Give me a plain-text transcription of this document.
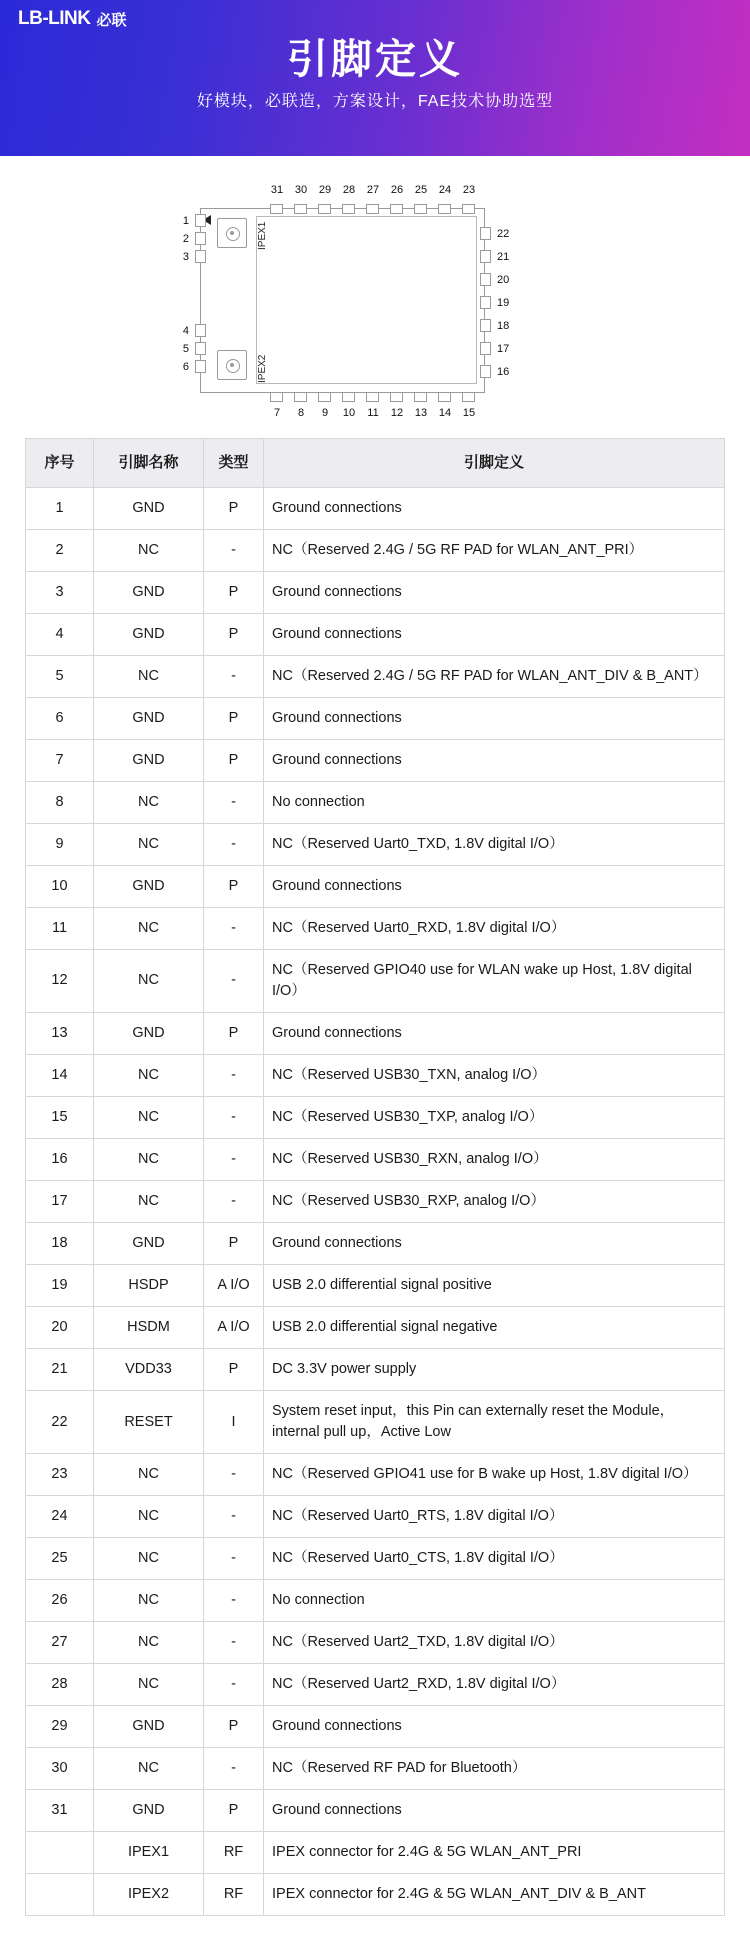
LB-LINK 必联
引脚定义
好模块，必联造，方案设计，FAE技术协助选型
IPEX1
IPEX2
31	30	29	28	27	26	25	24	23
7	8	9	10	11	12	13	14	15
1
2
3
4
5
6
22
21
20
19
18
17
16
序号	引脚名称	类型	引脚定义
1	GND	P	Ground connections
2	NC	-	NC（Reserved 2.4G / 5G RF PAD for WLAN_ANT_PRI）
3	GND	P	Ground connections
4	GND	P	Ground connections
5	NC	-	NC（Reserved 2.4G / 5G RF PAD for WLAN_ANT_DIV & B_ANT）
6	GND	P	Ground connections
7	GND	P	Ground connections
8	NC	-	No connection
9	NC	-	NC（Reserved Uart0_TXD, 1.8V digital I/O）
10	GND	P	Ground connections
11	NC	-	NC（Reserved Uart0_RXD, 1.8V digital I/O）
12	NC	-	NC（Reserved GPIO40 use for WLAN wake up Host, 1.8V digital I/O）
13	GND	P	Ground connections
14	NC	-	NC（Reserved USB30_TXN, analog I/O）
15	NC	-	NC（Reserved USB30_TXP, analog I/O）
16	NC	-	NC（Reserved USB30_RXN, analog I/O）
17	NC	-	NC（Reserved USB30_RXP, analog I/O）
18	GND	P	Ground connections
19	HSDP	A I/O	USB 2.0 differential signal positive
20	HSDM	A I/O	USB 2.0 differential signal negative
21	VDD33	P	DC 3.3V power supply
22	RESET	I	System reset input，this Pin can externally reset the Module，internal pull up，Active Low
23	NC	-	NC（Reserved GPIO41 use for B wake up Host, 1.8V digital I/O）
24	NC	-	NC（Reserved Uart0_RTS, 1.8V digital I/O）
25	NC	-	NC（Reserved Uart0_CTS, 1.8V digital I/O）
26	NC	-	No connection
27	NC	-	NC（Reserved Uart2_TXD, 1.8V digital I/O）
28	NC	-	NC（Reserved Uart2_RXD, 1.8V digital I/O）
29	GND	P	Ground connections
30	NC	-	NC（Reserved RF PAD for Bluetooth）
31	GND	P	Ground connections
	IPEX1	RF	IPEX connector for 2.4G & 5G WLAN_ANT_PRI
	IPEX2	RF	IPEX connector for 2.4G & 5G WLAN_ANT_DIV & B_ANT
